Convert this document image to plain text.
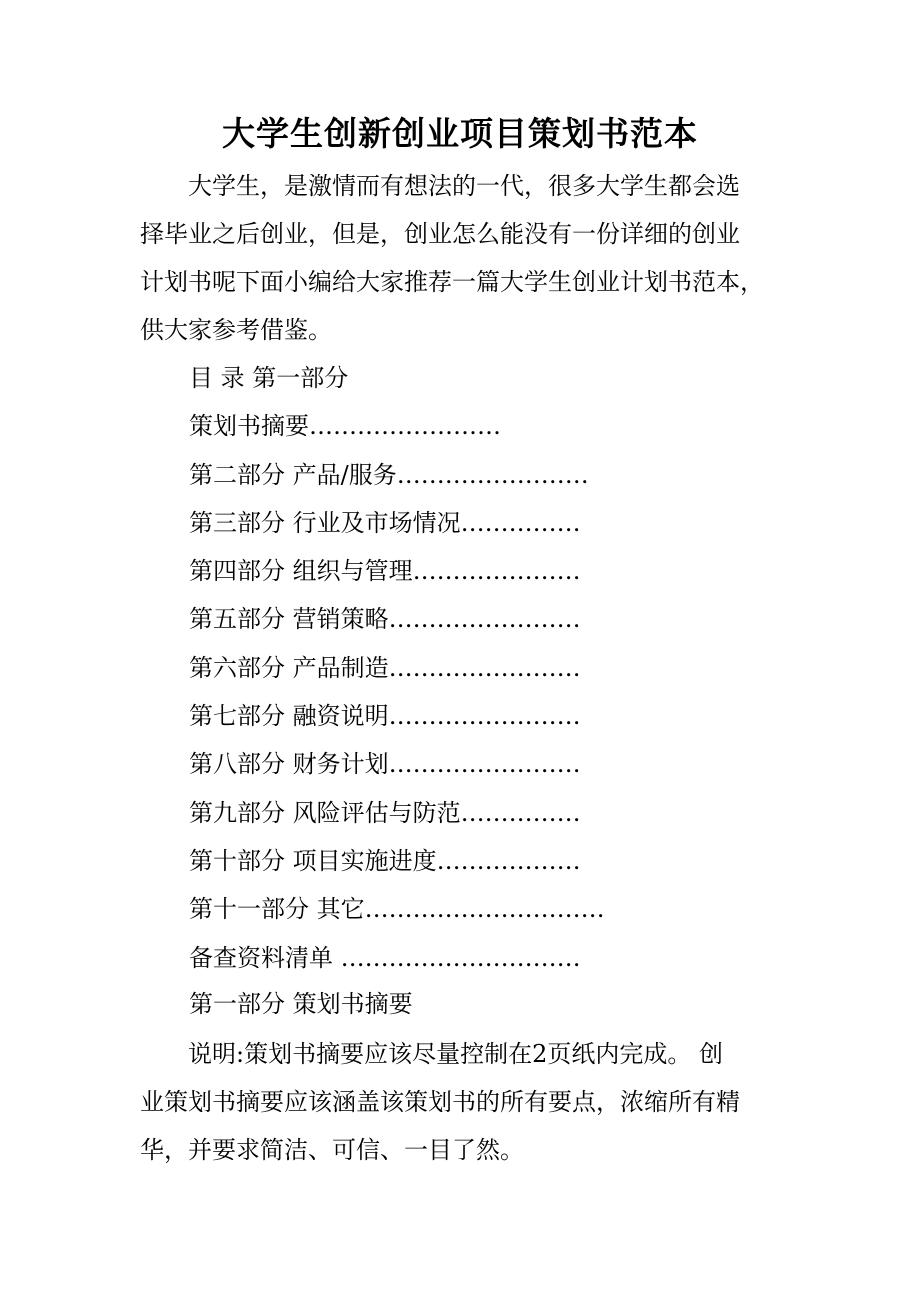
大学生创新创业项目策划书范本
大学生，是激情而有想法的一代，很多大学生都会选
择毕业之后创业，但是，创业怎么能没有一份详细的创业
计划书呢下面小编给大家推荐一篇大学生创业计划书范本，
供大家参考借鉴。
目 录 第一部分
策划书摘要……………………
第二部分 产品/服务……………………
第三部分 行业及市场情况……………
第四部分 组织与管理…………………
第五部分 营销策略……………………
第六部分 产品制造……………………
第七部分 融资说明……………………
第八部分 财务计划……………………
第九部分 风险评估与防范……………
第十部分 项目实施进度………………
第十一部分 其它…………………………
备查资料清单 …………………………
第一部分 策划书摘要
说明:策划书摘要应该尽量控制在2页纸内完成。 创
业策划书摘要应该涵盖该策划书的所有要点，浓缩所有精
华，并要求简洁、可信、一目了然。
